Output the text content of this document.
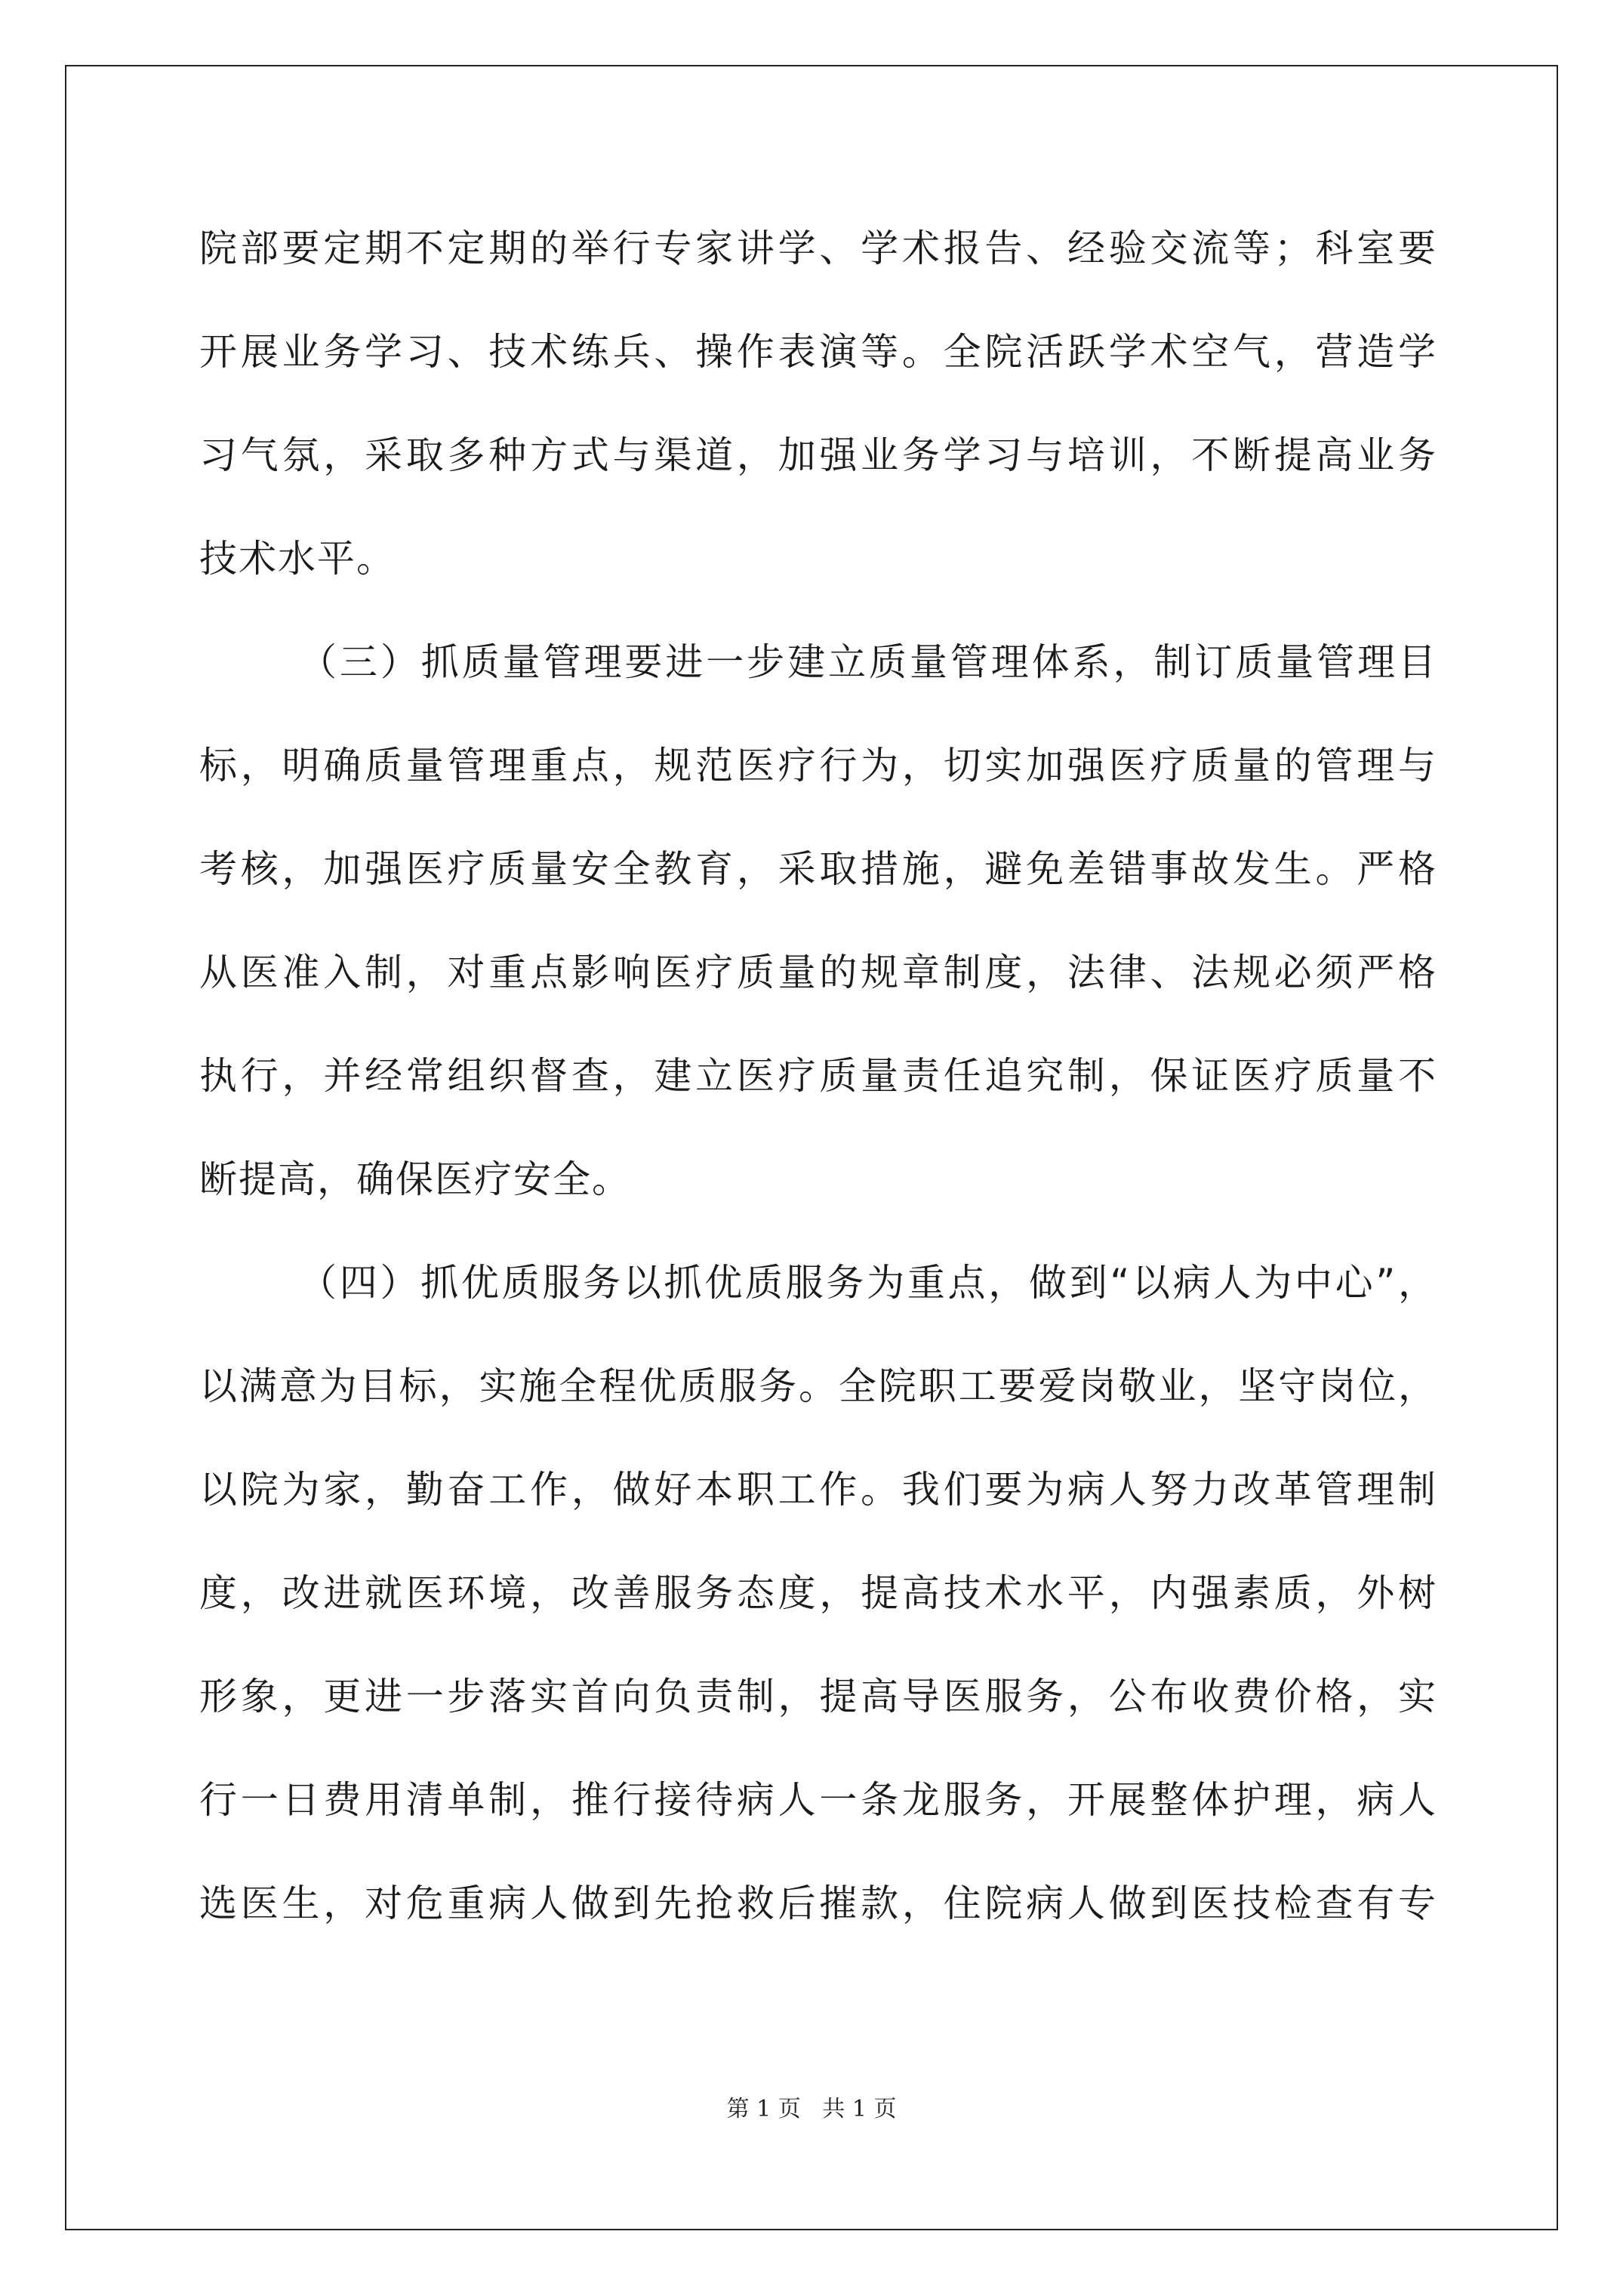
院部要定期不定期的举行专家讲学、学术报告、经验交流等；科室要
开展业务学习、技术练兵、操作表演等。全院活跃学术空气，营造学
习气氛，采取多种方式与渠道，加强业务学习与培训，不断提高业务
技术水平。
（三）抓质量管理要进一步建立质量管理体系，制订质量管理目
标，明确质量管理重点，规范医疗行为，切实加强医疗质量的管理与
考核，加强医疗质量安全教育，采取措施，避免差错事故发生。严格
从医准入制，对重点影响医疗质量的规章制度，法律、法规必须严格
执行，并经常组织督查，建立医疗质量责任追究制，保证医疗质量不
断提高，确保医疗安全。
（四）抓优质服务以抓优质服务为重点，做到“以病人为中心”，
以满意为目标，实施全程优质服务。全院职工要爱岗敬业，坚守岗位，
以院为家，勤奋工作，做好本职工作。我们要为病人努力改革管理制
度，改进就医环境，改善服务态度，提高技术水平，内强素质，外树
形象，更进一步落实首向负责制，提高导医服务，公布收费价格，实
行一日费用清单制，推行接待病人一条龙服务，开展整体护理，病人
选医生，对危重病人做到先抢救后摧款，住院病人做到医技检查有专
第 1 页   共 1 页
